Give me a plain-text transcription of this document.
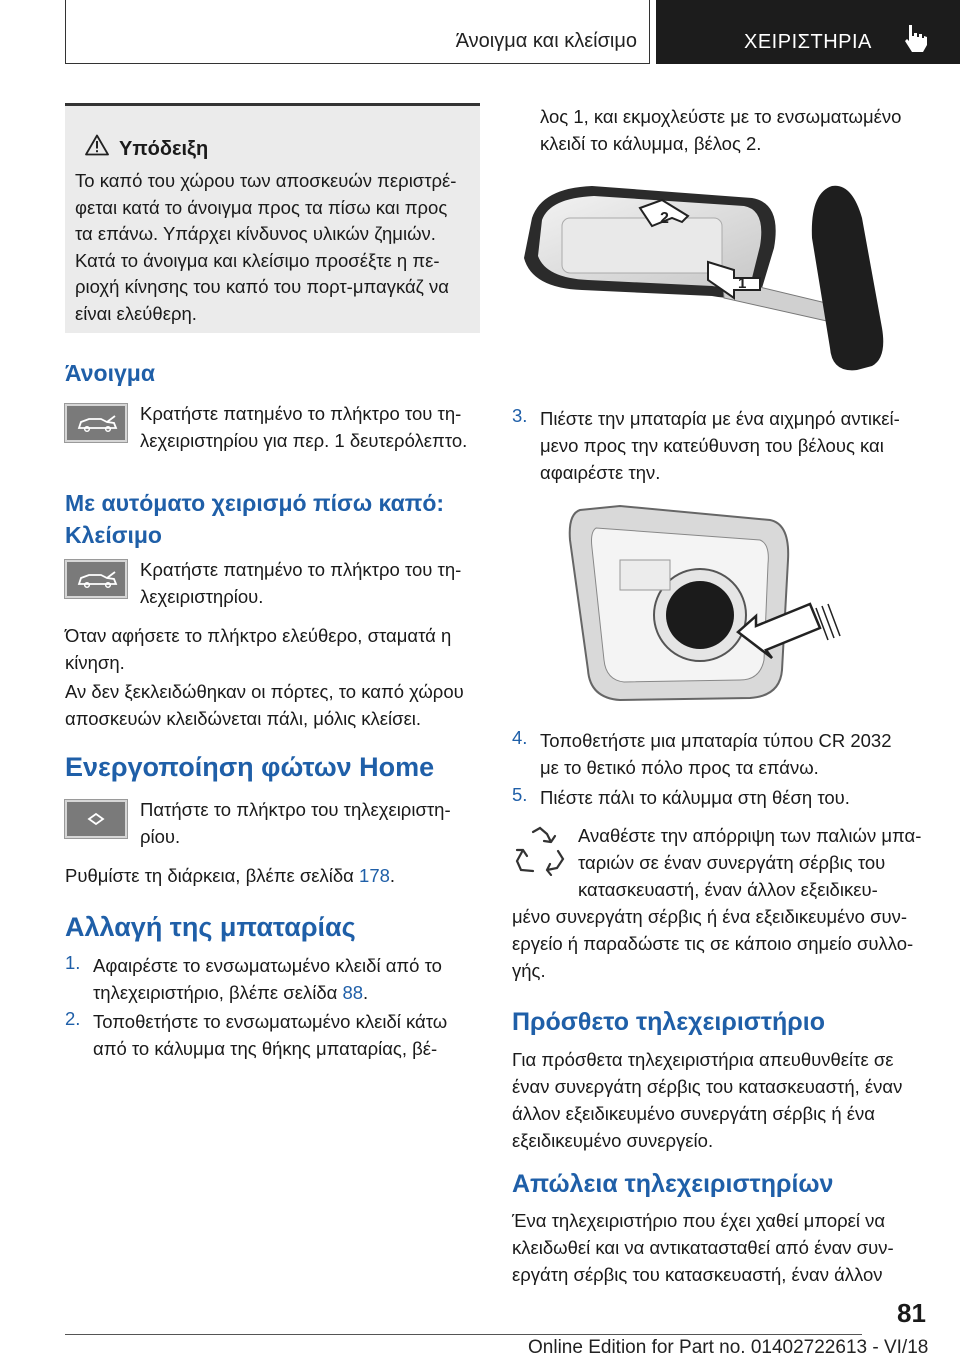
Άνοιγμα και κλείσιμο	ΧΕΙΡΙΣΤΗΡΙΑ
Υπόδειξη
Το καπό του χώρου των αποσκευών περιστρέ-
φεται κατά το άνοιγμα προς τα πίσω και προς
τα επάνω. Υπάρχει κίνδυνος υλικών ζημιών.
Κατά το άνοιγμα και κλείσιμο προσέξτε η πε-
ριοχή κίνησης του καπό του πορτ-μπαγκάζ να
είναι ελεύθερη.
Άνοιγμα
Κρατήστε πατημένο το πλήκτρο του τη-
λεχειριστηρίου για περ. 1 δευτερόλεπτο.
Με αυτόματο χειρισμό πίσω καπό:
Κλείσιμο
Κρατήστε πατημένο το πλήκτρο του τη-
λεχειριστηρίου.
Όταν αφήσετε το πλήκτρο ελεύθερο, σταματά η
κίνηση.
Αν δεν ξεκλειδώθηκαν οι πόρτες, το καπό χώρου
αποσκευών κλειδώνεται πάλι, μόλις κλείσει.
Ενεργοποίηση φώτων Home
Πατήστε το πλήκτρο του τηλεχειριστη-
ρίου.
Ρυθμίστε τη διάρκεια, βλέπε σελίδα 178.
Αλλαγή της μπαταρίας
1. Αφαιρέστε το ενσωματωμένο κλειδί από το
τηλεχειριστήριο, βλέπε σελίδα 88.
2. Τοποθετήστε το ενσωματωμένο κλειδί κάτω
από το κάλυμμα της θήκης μπαταρίας, βέ-
λος 1, και εκμοχλεύστε με το ενσωματωμένο
κλειδί το κάλυμμα, βέλος 2.
2
1
3. Πιέστε την μπαταρία με ένα αιχμηρό αντικεί-
μενο προς την κατεύθυνση του βέλους και
αφαιρέστε την.
4. Τοποθετήστε μια μπαταρία τύπου CR 2032
με το θετικό πόλο προς τα επάνω.
5. Πιέστε πάλι το κάλυμμα στη θέση του.
Αναθέστε την απόρριψη των παλιών μπα-
ταριών σε έναν συνεργάτη σέρβις του
κατασκευαστή, έναν άλλον εξειδικευ-
μένο συνεργάτη σέρβις ή ένα εξειδικευμένο συν-
εργείο ή παραδώστε τις σε κάποιο σημείο συλλο-
γής.
Πρόσθετο τηλεχειριστήριο
Για πρόσθετα τηλεχειριστήρια απευθυνθείτε σε
έναν συνεργάτη σέρβις του κατασκευαστή, έναν
άλλον εξειδικευμένο συνεργάτη σέρβις ή ένα
εξειδικευμένο συνεργείο.
Απώλεια τηλεχειριστηρίων
Ένα τηλεχειριστήριο που έχει χαθεί μπορεί να
κλειδωθεί και να αντικατασταθεί από έναν συν-
εργάτη σέρβις του κατασκευαστή, έναν άλλον
81
Online Edition for Part no. 01402722613 - VI/18
